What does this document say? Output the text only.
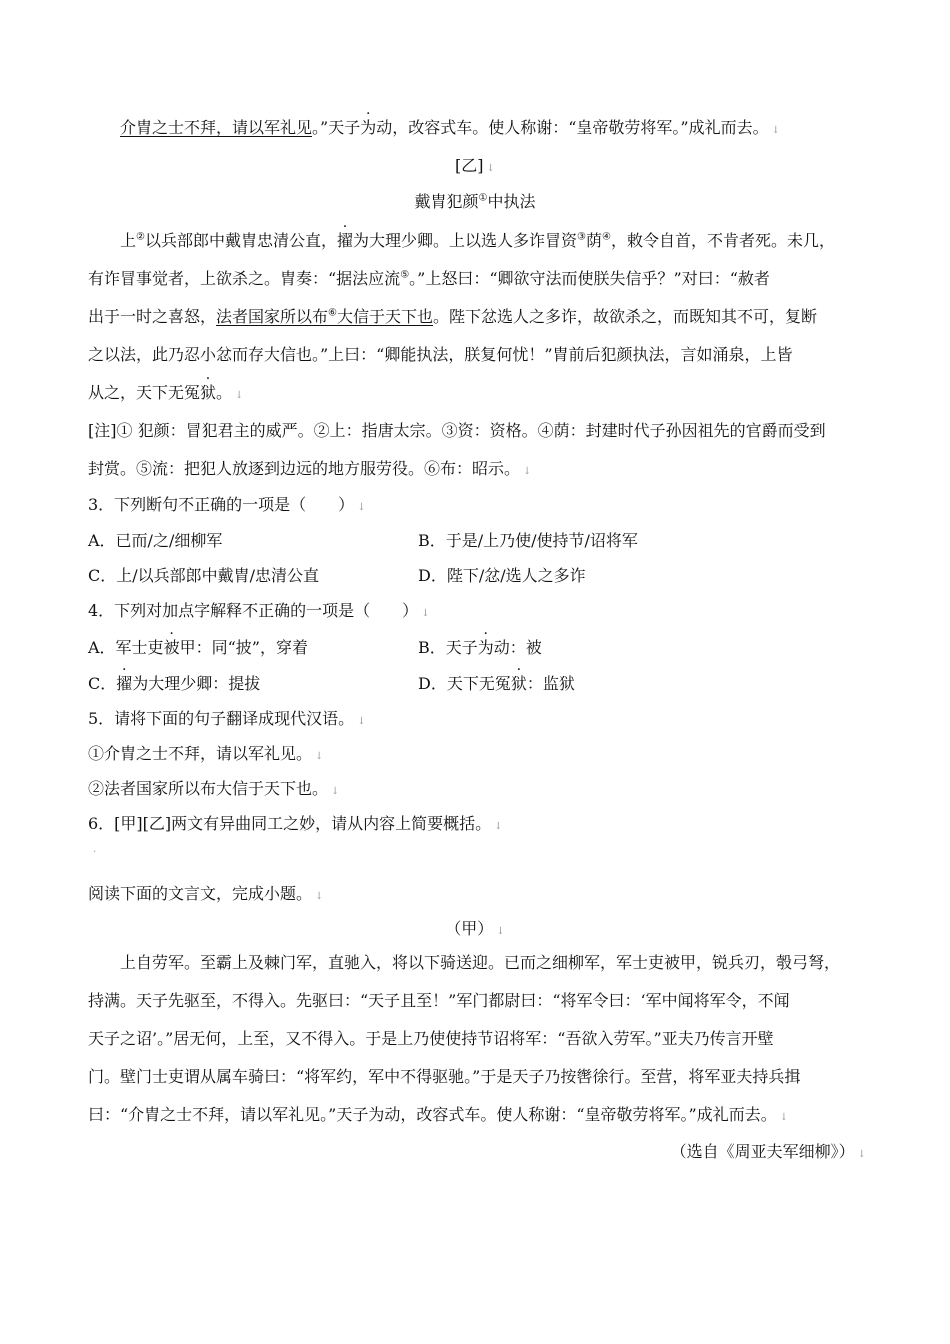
介胄之士不拜，请以军礼见。”天子为动，改容式车。使人称谢：“皇帝敬劳将军。”成礼而去。 ↓
[乙] ↓
戴胄犯颜①中执法
上②以兵部郎中戴胄忠清公直，擢为大理少卿。上以选人多诈冒资③荫④，敕令自首，不肯者死。未几，
有诈冒事觉者，上欲杀之。胄奏：“据法应流⑤。”上怒曰：“卿欲守法而使朕失信乎？”对曰：“赦者
出于一时之喜怒，法者国家所以布⑥大信于天下也。陛下忿选人之多诈，故欲杀之，而既知其不可，复断
之以法，此乃忍小忿而存大信也。”上曰：“卿能执法，朕复何忧！”胄前后犯颜执法，言如涌泉，上皆
从之，天下无冤狱。 ↓
[注]① 犯颜：冒犯君主的威严。②上：指唐太宗。③资：资格。④荫：封建时代子孙因祖先的官爵而受到
封赏。⑤流：把犯人放逐到边远的地方服劳役。⑥布：昭示。 ↓
3．下列断句不正确的一项是（　　） ↓
A．已而/之/细柳军	B．于是/上乃使/使持节/诏将军
C．上/以兵部郎中戴胄/忠清公直	D．陛下/忿/选人之多诈
4．下列对加点字解释不正确的一项是（　　） ↓
A．军士吏被甲：同“披”，穿着	B．天子为动：被
C．擢为大理少卿：提拔	D．天下无冤狱：监狱
5．请将下面的句子翻译成现代汉语。 ↓
①介胄之士不拜，请以军礼见。 ↓
②法者国家所以布大信于天下也。 ↓
6．[甲][乙]两文有异曲同工之妙，请从内容上简要概括。 ↓
·
阅读下面的文言文，完成小题。 ↓
（甲） ↓
上自劳军。至霸上及棘门军，直驰入，将以下骑送迎。已而之细柳军，军士吏被甲，锐兵刃，彀弓弩，
持满。天子先驱至，不得入。先驱曰：“天子且至！”军门都尉曰：“将军令曰：‘军中闻将军令，不闻
天子之诏’。”居无何，上至，又不得入。于是上乃使使持节诏将军：“吾欲入劳军。”亚夫乃传言开壁
门。壁门士吏谓从属车骑曰：“将军约，军中不得驱驰。”于是天子乃按辔徐行。至营，将军亚夫持兵揖
曰：“介胄之士不拜，请以军礼见。”天子为动，改容式车。使人称谢：“皇帝敬劳将军。”成礼而去。 ↓
（选自《周亚夫军细柳》） ↓
